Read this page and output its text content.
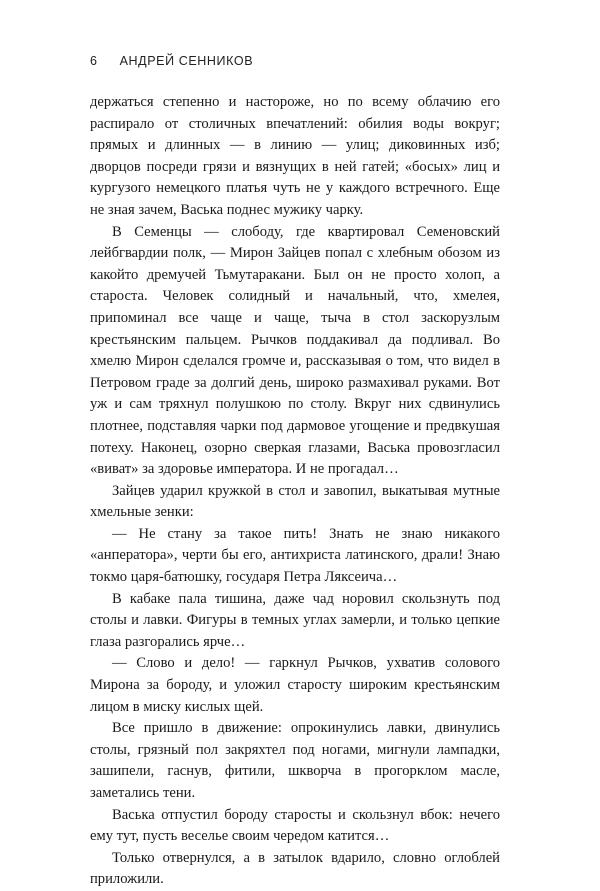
6 АНДРЕЙ СЕННИКОВ

держаться степенно и настороже, но по всему облачию его распирало от столичных впечатлений: обилия воды вокруг; прямых и длинных — в линию — улиц; диковинных изб; дворцов посреди грязи и вязнущих в ней гатей; «босых» лиц и кургузого немецкого платья чуть не у каждого встречного. Еще не зная зачем, Васька поднес мужику чарку.

В Семенцы — слободу, где квартировал Семеновский лейбгвардии полк, — Мирон Зайцев попал с хлебным обозом из какойто дремучей Тьмутаракани. Был он не просто холоп, а староста. Человек солидный и начальный, что, хмелея, припоминал все чаще и чаще, тыча в стол заскорузлым крестьянским пальцем. Рычков поддакивал да подливал. Во хмелю Мирон сделался громче и, рассказывая о том, что видел в Петровом граде за долгий день, широко размахивал руками. Вот уж и сам тряхнул полушкою по столу. Вкруг них сдвинулись плотнее, подставляя чарки под дармовое угощение и предвкушая потеху. Наконец, озорно сверкая глазами, Васька провозгласил «виват» за здоровье императора. И не прогадал…

Зайцев ударил кружкой в стол и завопил, выкатывая мутные хмельные зенки:

— Не стану за такое пить! Знать не знаю никакого «анператора», черти бы его, антихриста латинского, драли! Знаю токмо царя-батюшку, государя Петра Ляксеича…

В кабаке пала тишина, даже чад норовил скользнуть под столы и лавки. Фигуры в темных углах замерли, и только цепкие глаза разгорались ярче…

— Слово и дело! — гаркнул Рычков, ухватив солового Мирона за бороду, и уложил старосту широким крестьянским лицом в миску кислых щей.

Все пришло в движение: опрокинулись лавки, двинулись столы, грязный пол закряхтел под ногами, мигнули лампадки, зашипели, гаснув, фитили, шкворча в прогорклом масле, заметались тени.

Васька отпустил бороду старосты и скользнул вбок: нечего ему тут, пусть веселье своим чередом катится…

Только отвернулся, а в затылок вдарило, словно оглоблей приложили.
